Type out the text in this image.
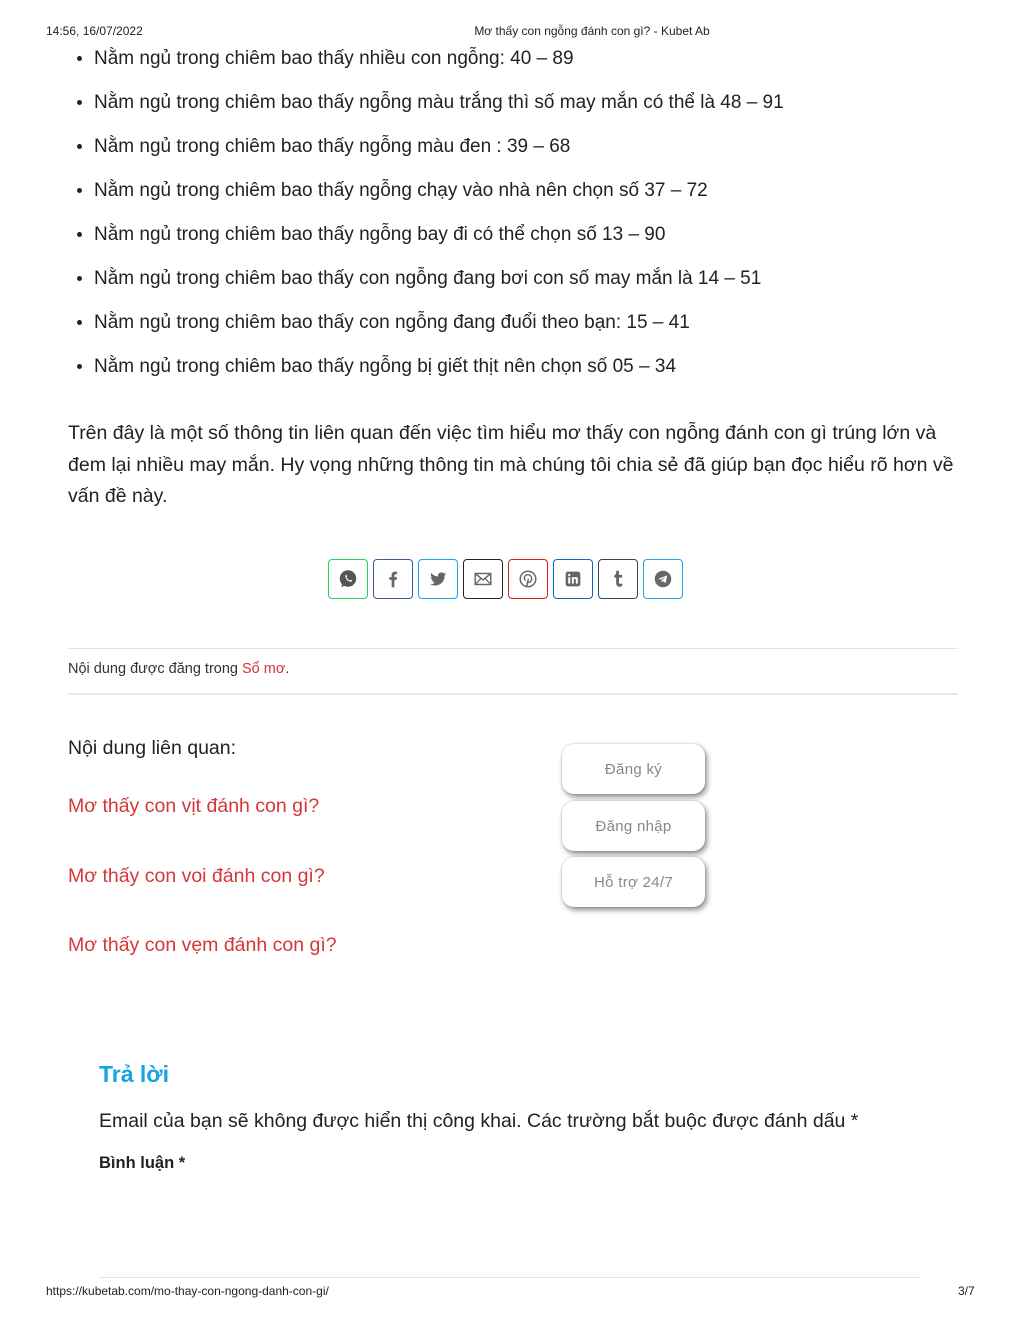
14:56, 16/07/2022	Mơ thấy con ngỗng đánh con gì? - Kubet Ab
• Nằm ngủ trong chiêm bao thấy nhiều con ngỗng: 40 – 89
• Nằm ngủ trong chiêm bao thấy ngỗng màu trắng thì số may mắn có thể là 48 – 91
• Nằm ngủ trong chiêm bao thấy ngỗng màu đen : 39 – 68
• Nằm ngủ trong chiêm bao thấy ngỗng chạy vào nhà nên chọn số 37 – 72
• Nằm ngủ trong chiêm bao thấy ngỗng bay đi có thể chọn số 13 – 90
• Nằm ngủ trong chiêm bao thấy con ngỗng đang bơi con số may mắn là 14 – 51
• Nằm ngủ trong chiêm bao thấy con ngỗng đang đuổi theo bạn: 15 – 41
• Nằm ngủ trong chiêm bao thấy ngỗng bị giết thịt nên chọn số 05 – 34

Trên đây là một số thông tin liên quan đến việc tìm hiểu mơ thấy con ngỗng đánh con gì trúng lớn và đem lại nhiều may mắn. Hy vọng những thông tin mà chúng tôi chia sẻ đã giúp bạn đọc hiểu rõ hơn về vấn đề này.

Nội dung được đăng trong Sổ mơ.
Nội dung liên quan:
Mơ thấy con vịt đánh con gì?
Mơ thấy con voi đánh con gì?
Mơ thấy con vẹm đánh con gì?
Đăng ký
Đăng nhập
Hỗ trợ 24/7
Trả lời
Email của bạn sẽ không được hiển thị công khai. Các trường bắt buộc được đánh dấu *
Bình luận *
https://kubetab.com/mo-thay-con-ngong-danh-con-gi/	3/7
